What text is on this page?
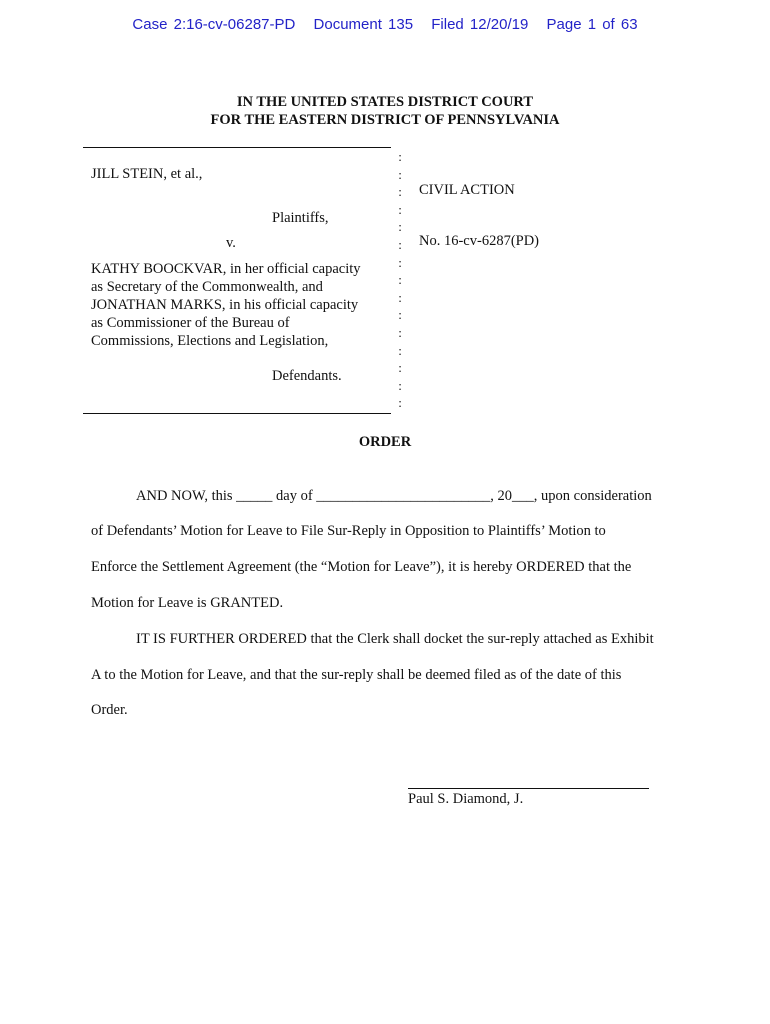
Case 2:16-cv-06287-PD Document 135 Filed 12/20/19 Page 1 of 63
IN THE UNITED STATES DISTRICT COURT
FOR THE EASTERN DISTRICT OF PENNSYLVANIA
:
:
:
:
:
:
:
:
:
:
:
:
:
:
:
JILL STEIN, et al.,
Plaintiffs,
v.
KATHY BOOCKVAR, in her official capacity
as Secretary of the Commonwealth, and
JONATHAN MARKS, in his official capacity
as Commissioner of the Bureau of
Commissions, Elections and Legislation,
Defendants.
CIVIL ACTION
No. 16-cv-6287(PD)
ORDER
AND NOW, this _____ day of ________________________, 20___, upon consideration
of Defendants’ Motion for Leave to File Sur-Reply in Opposition to Plaintiffs’ Motion to
Enforce the Settlement Agreement (the “Motion for Leave”), it is hereby ORDERED that the
Motion for Leave is GRANTED.
IT IS FURTHER ORDERED that the Clerk shall docket the sur-reply attached as Exhibit
A to the Motion for Leave, and that the sur-reply shall be deemed filed as of the date of this
Order.
Paul S. Diamond, J.
